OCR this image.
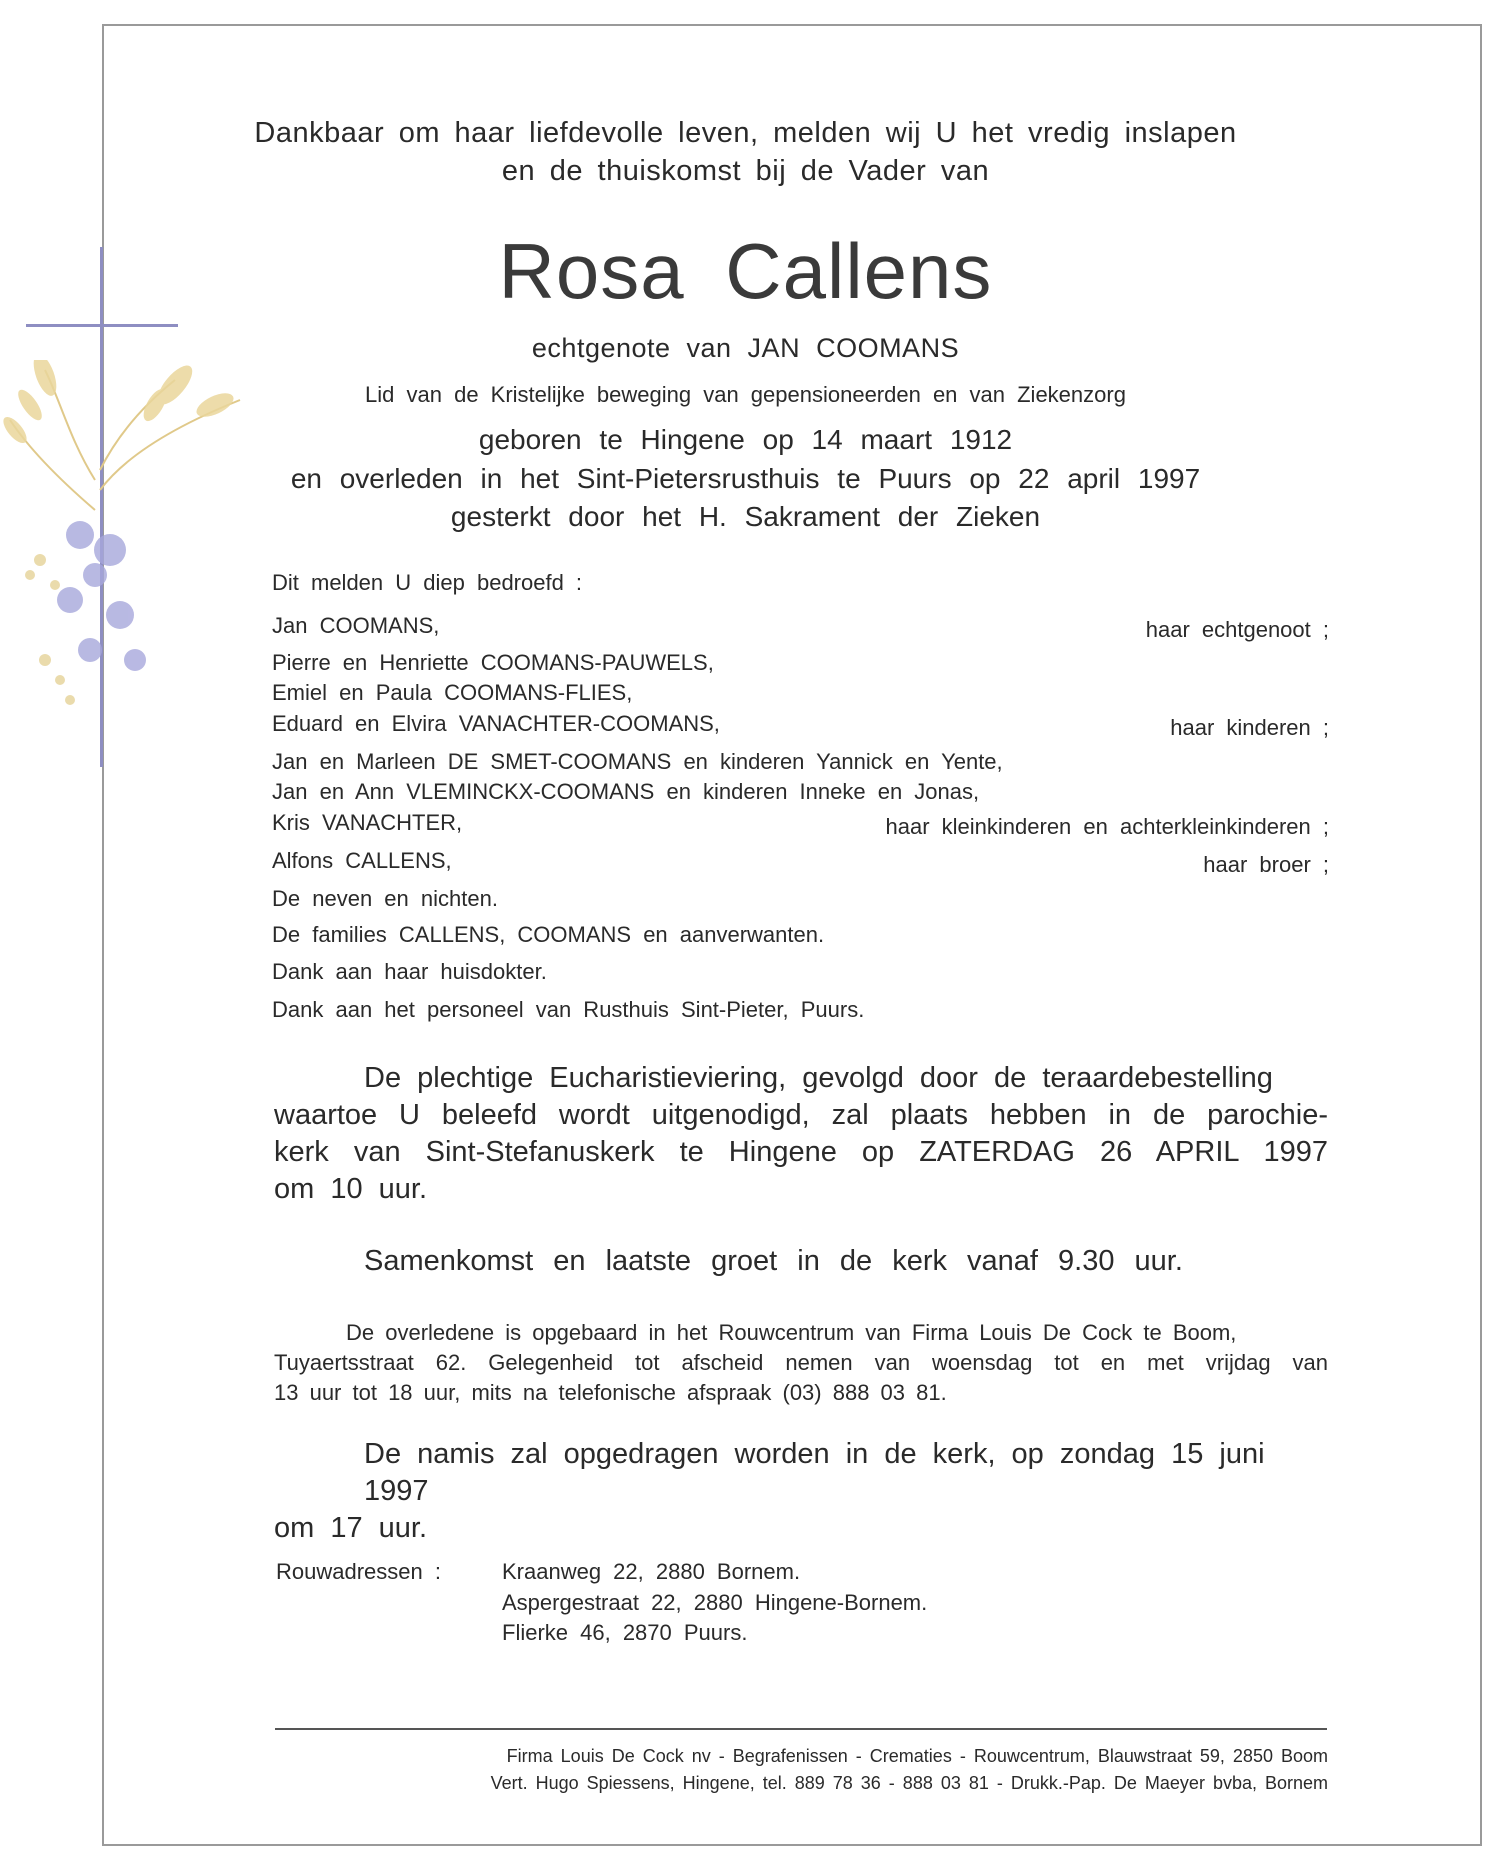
Dankbaar om haar liefdevolle leven, melden wij U het vredig inslapen
en de thuiskomst bij de Vader van
Rosa Callens
echtgenote van JAN COOMANS
Lid van de Kristelijke beweging van gepensioneerden en van Ziekenzorg
geboren te Hingene op 14 maart 1912
en overleden in het Sint-Pietersrusthuis te Puurs op 22 april 1997
gesterkt door het H. Sakrament der Zieken
Dit melden U diep bedroefd :
Jan COOMANS,	haar echtgenoot ;
Pierre en Henriette COOMANS-PAUWELS,
Emiel en Paula COOMANS-FLIES,
Eduard en Elvira VANACHTER-COOMANS,	haar kinderen ;
Jan en Marleen DE SMET-COOMANS en kinderen Yannick en Yente,
Jan en Ann VLEMINCKX-COOMANS en kinderen Inneke en Jonas,
Kris VANACHTER,	haar kleinkinderen en achterkleinkinderen ;
Alfons CALLENS,	haar broer ;
De neven en nichten.
De families CALLENS, COOMANS en aanverwanten.
Dank aan haar huisdokter.
Dank aan het personeel van Rusthuis Sint-Pieter, Puurs.
De plechtige Eucharistieviering, gevolgd door de teraardebestelling
waartoe U beleefd wordt uitgenodigd, zal plaats hebben in de parochie-
kerk van Sint-Stefanuskerk te Hingene op ZATERDAG 26 APRIL 1997
om 10 uur.
Samenkomst en laatste groet in de kerk vanaf 9.30 uur.
De overledene is opgebaard in het Rouwcentrum van Firma Louis De Cock te Boom,
Tuyaertsstraat 62. Gelegenheid tot afscheid nemen van woensdag tot en met vrijdag van
13 uur tot 18 uur, mits na telefonische afspraak (03) 888 03 81.
De namis zal opgedragen worden in de kerk, op zondag 15 juni 1997
om 17 uur.
Rouwadressen :	Kraanweg 22, 2880 Bornem.
Aspergestraat 22, 2880 Hingene-Bornem.
Flierke 46, 2870 Puurs.
Firma Louis De Cock nv - Begrafenissen - Crematies - Rouwcentrum, Blauwstraat 59, 2850 Boom
Vert. Hugo Spiessens, Hingene, tel. 889 78 36 - 888 03 81 - Drukk.-Pap. De Maeyer bvba, Bornem
